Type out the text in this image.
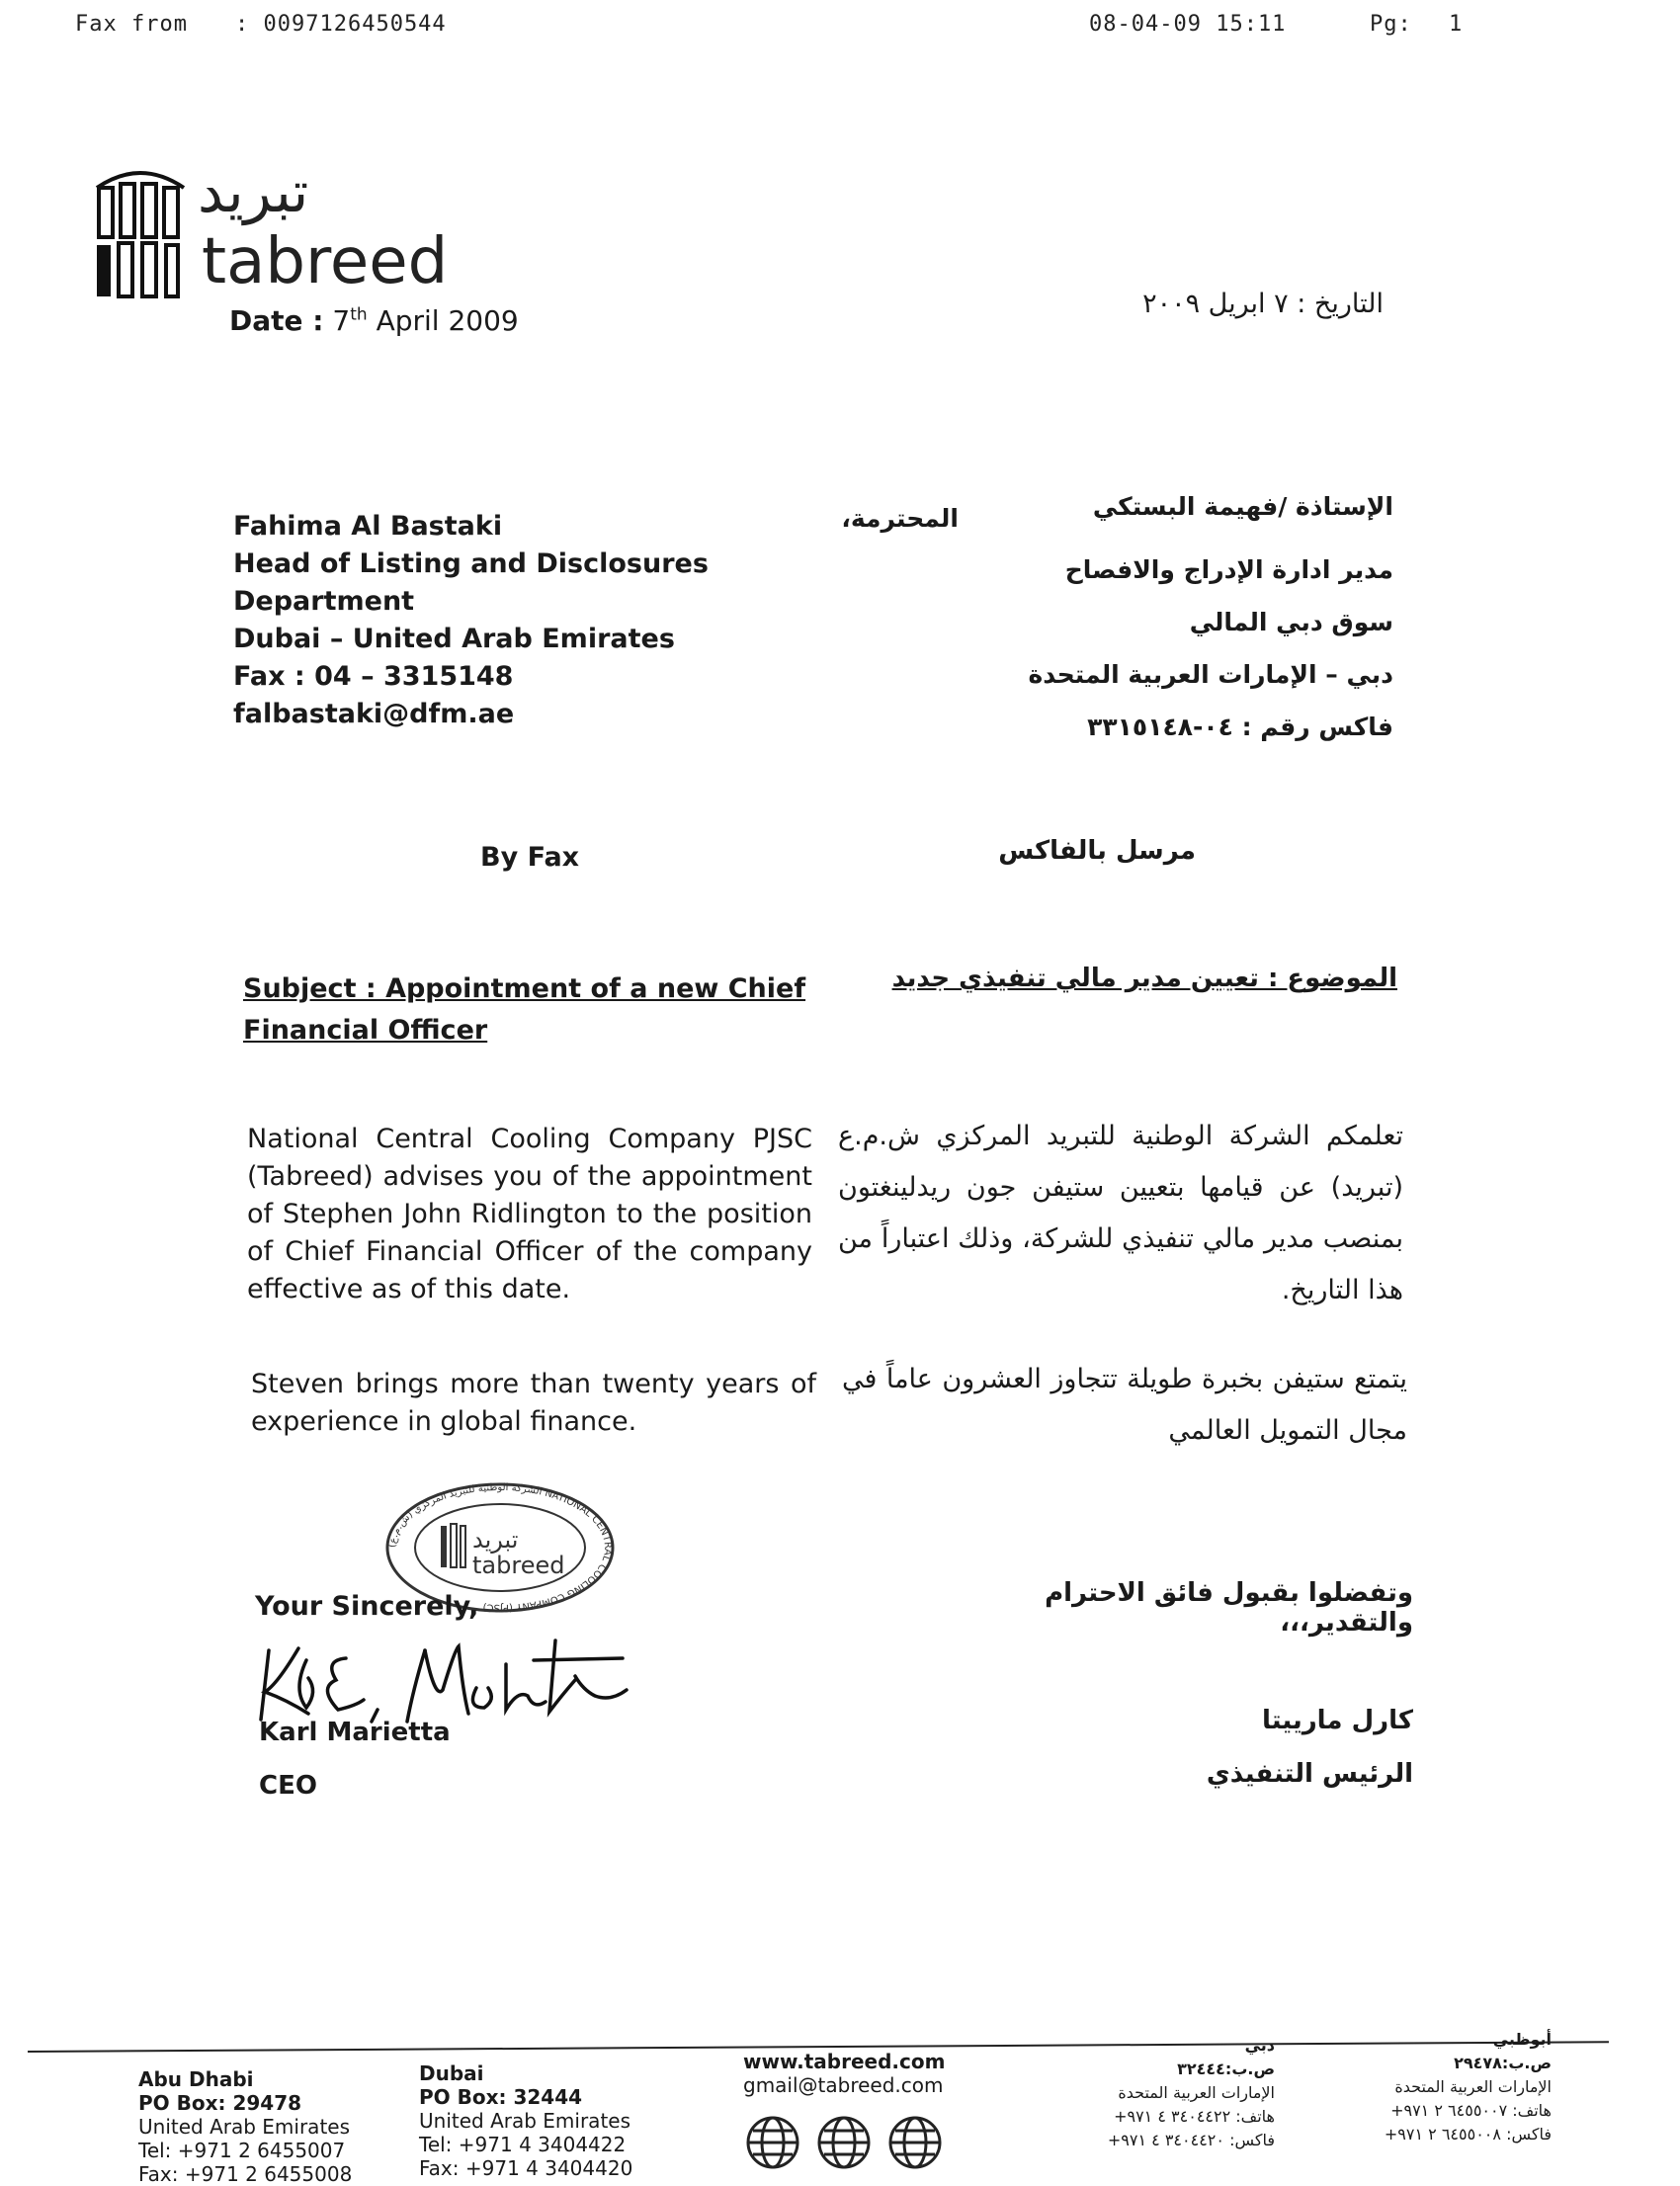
Fax from : 0097126450544	08-04-09 15:11	Pg: 1
تبريد
tabreed
Date : 7th April 2009
التاريخ : ٧ ابريل ٢٠٠٩
Fahima Al Bastaki
Head of Listing and Disclosures
Department
Dubai – United Arab Emirates
Fax : 04 – 3315148
falbastaki@dfm.ae
الإستاذة /فهيمة البستكي
المحترمة،
مدير ادارة الإدراج والافصاح
سوق دبي المالي
دبي – الإمارات العربية المتحدة
فاكس رقم : ٠٤-٣٣١٥١٤٨
By Fax	مرسل بالفاكس
Subject : Appointment of a new Chief
Financial Officer
الموضوع : تعيين مدير مالي تنفيذي جديد
National Central Cooling Company PJSC (Tabreed) advises you of the appointment of Stephen John Ridlington to the position of Chief Financial Officer of the company effective as of this date.
تعلمكم الشركة الوطنية للتبريد المركزي ش.م.ع (تبريد) عن قيامها بتعيين ستيفن جون ريدلينغتون بمنصب مدير مالي تنفيذي للشركة، وذلك اعتباراً من هذا التاريخ.
Steven brings more than twenty years of experience in global finance.
يتمتع ستيفن بخبرة طويلة تتجاوز العشرون عاماً في مجال التمويل العالمي
الشركة الوطنية للتبريد المركزي (ش.م.ع) NATIONAL CENTRAL COOLING COMPANY (PJSC)
تبريد
tabreed
Your Sincerely,	وتفضلوا بقبول فائق الاحترام والتقدير،،،
Karl Marietta
CEO
كارل مارييتا
الرئيس التنفيذي
Abu Dhabi
PO Box: 29478
United Arab Emirates
Tel: +971 2 6455007
Fax: +971 2 6455008
Dubai
PO Box: 32444
United Arab Emirates
Tel: +971 4 3404422
Fax: +971 4 3404420
www.tabreed.com
gmail@tabreed.com
دبي
ص.ب:٣٢٤٤٤
الإمارات العربية المتحدة
هاتف: ٣٤٠٤٤٢٢ ٤ ٩٧١+
فاكس: ٣٤٠٤٤٢٠ ٤ ٩٧١+
أبوظبي
ص.ب:٢٩٤٧٨
الإمارات العربية المتحدة
هاتف: ٦٤٥٥٠٠٧ ٢ ٩٧١+
فاكس: ٦٤٥٥٠٠٨ ٢ ٩٧١+
